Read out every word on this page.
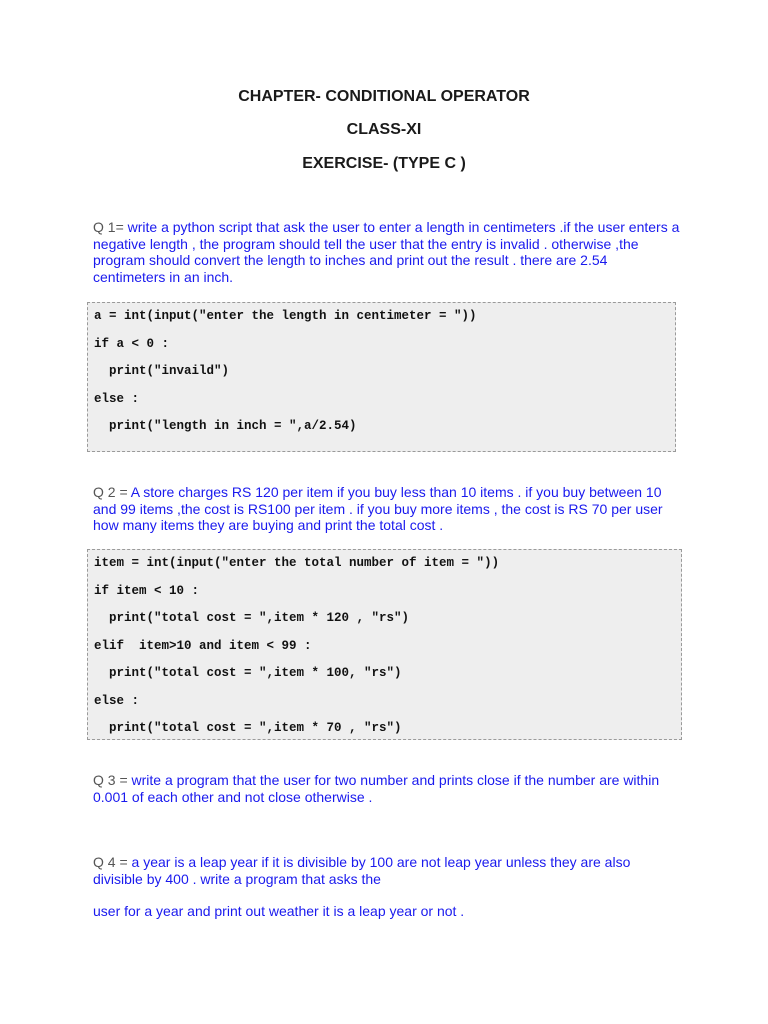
CHAPTER- CONDITIONAL OPERATOR
CLASS-XI
EXERCISE- (TYPE C )
Q 1= write a python script that ask the user to enter a length in centimeters .if the user enters a negative length , the program should tell the user that the entry is invalid . otherwise ,the program should convert the length to inches and print out the result . there are 2.54 centimeters in an inch.
a = int(input("enter the length in centimeter = "))
if a < 0 :
print("invaild")
else :
print("length in inch = ",a/2.54)
Q 2 = A store charges RS 120 per item if you buy less than 10 items . if you buy between 10 and 99 items ,the cost is RS100 per item . if you buy more items , the cost is RS 70 per user how many items they are buying and print the total cost .
item = int(input("enter the total number of item = "))
if item < 10 :
print("total cost = ",item * 120 , "rs")
elif  item>10 and item < 99 :
print("total cost = ",item * 100, "rs")
else :
print("total cost = ",item * 70 , "rs")
Q 3 = write a program that the user for two number and prints close if the number are within 0.001 of each other and not close otherwise .
Q 4 = a year is a leap year if it is divisible by 100 are not leap year unless they are also divisible by 400 . write a program that asks the
user for a year and print out weather it is a leap year or not .
